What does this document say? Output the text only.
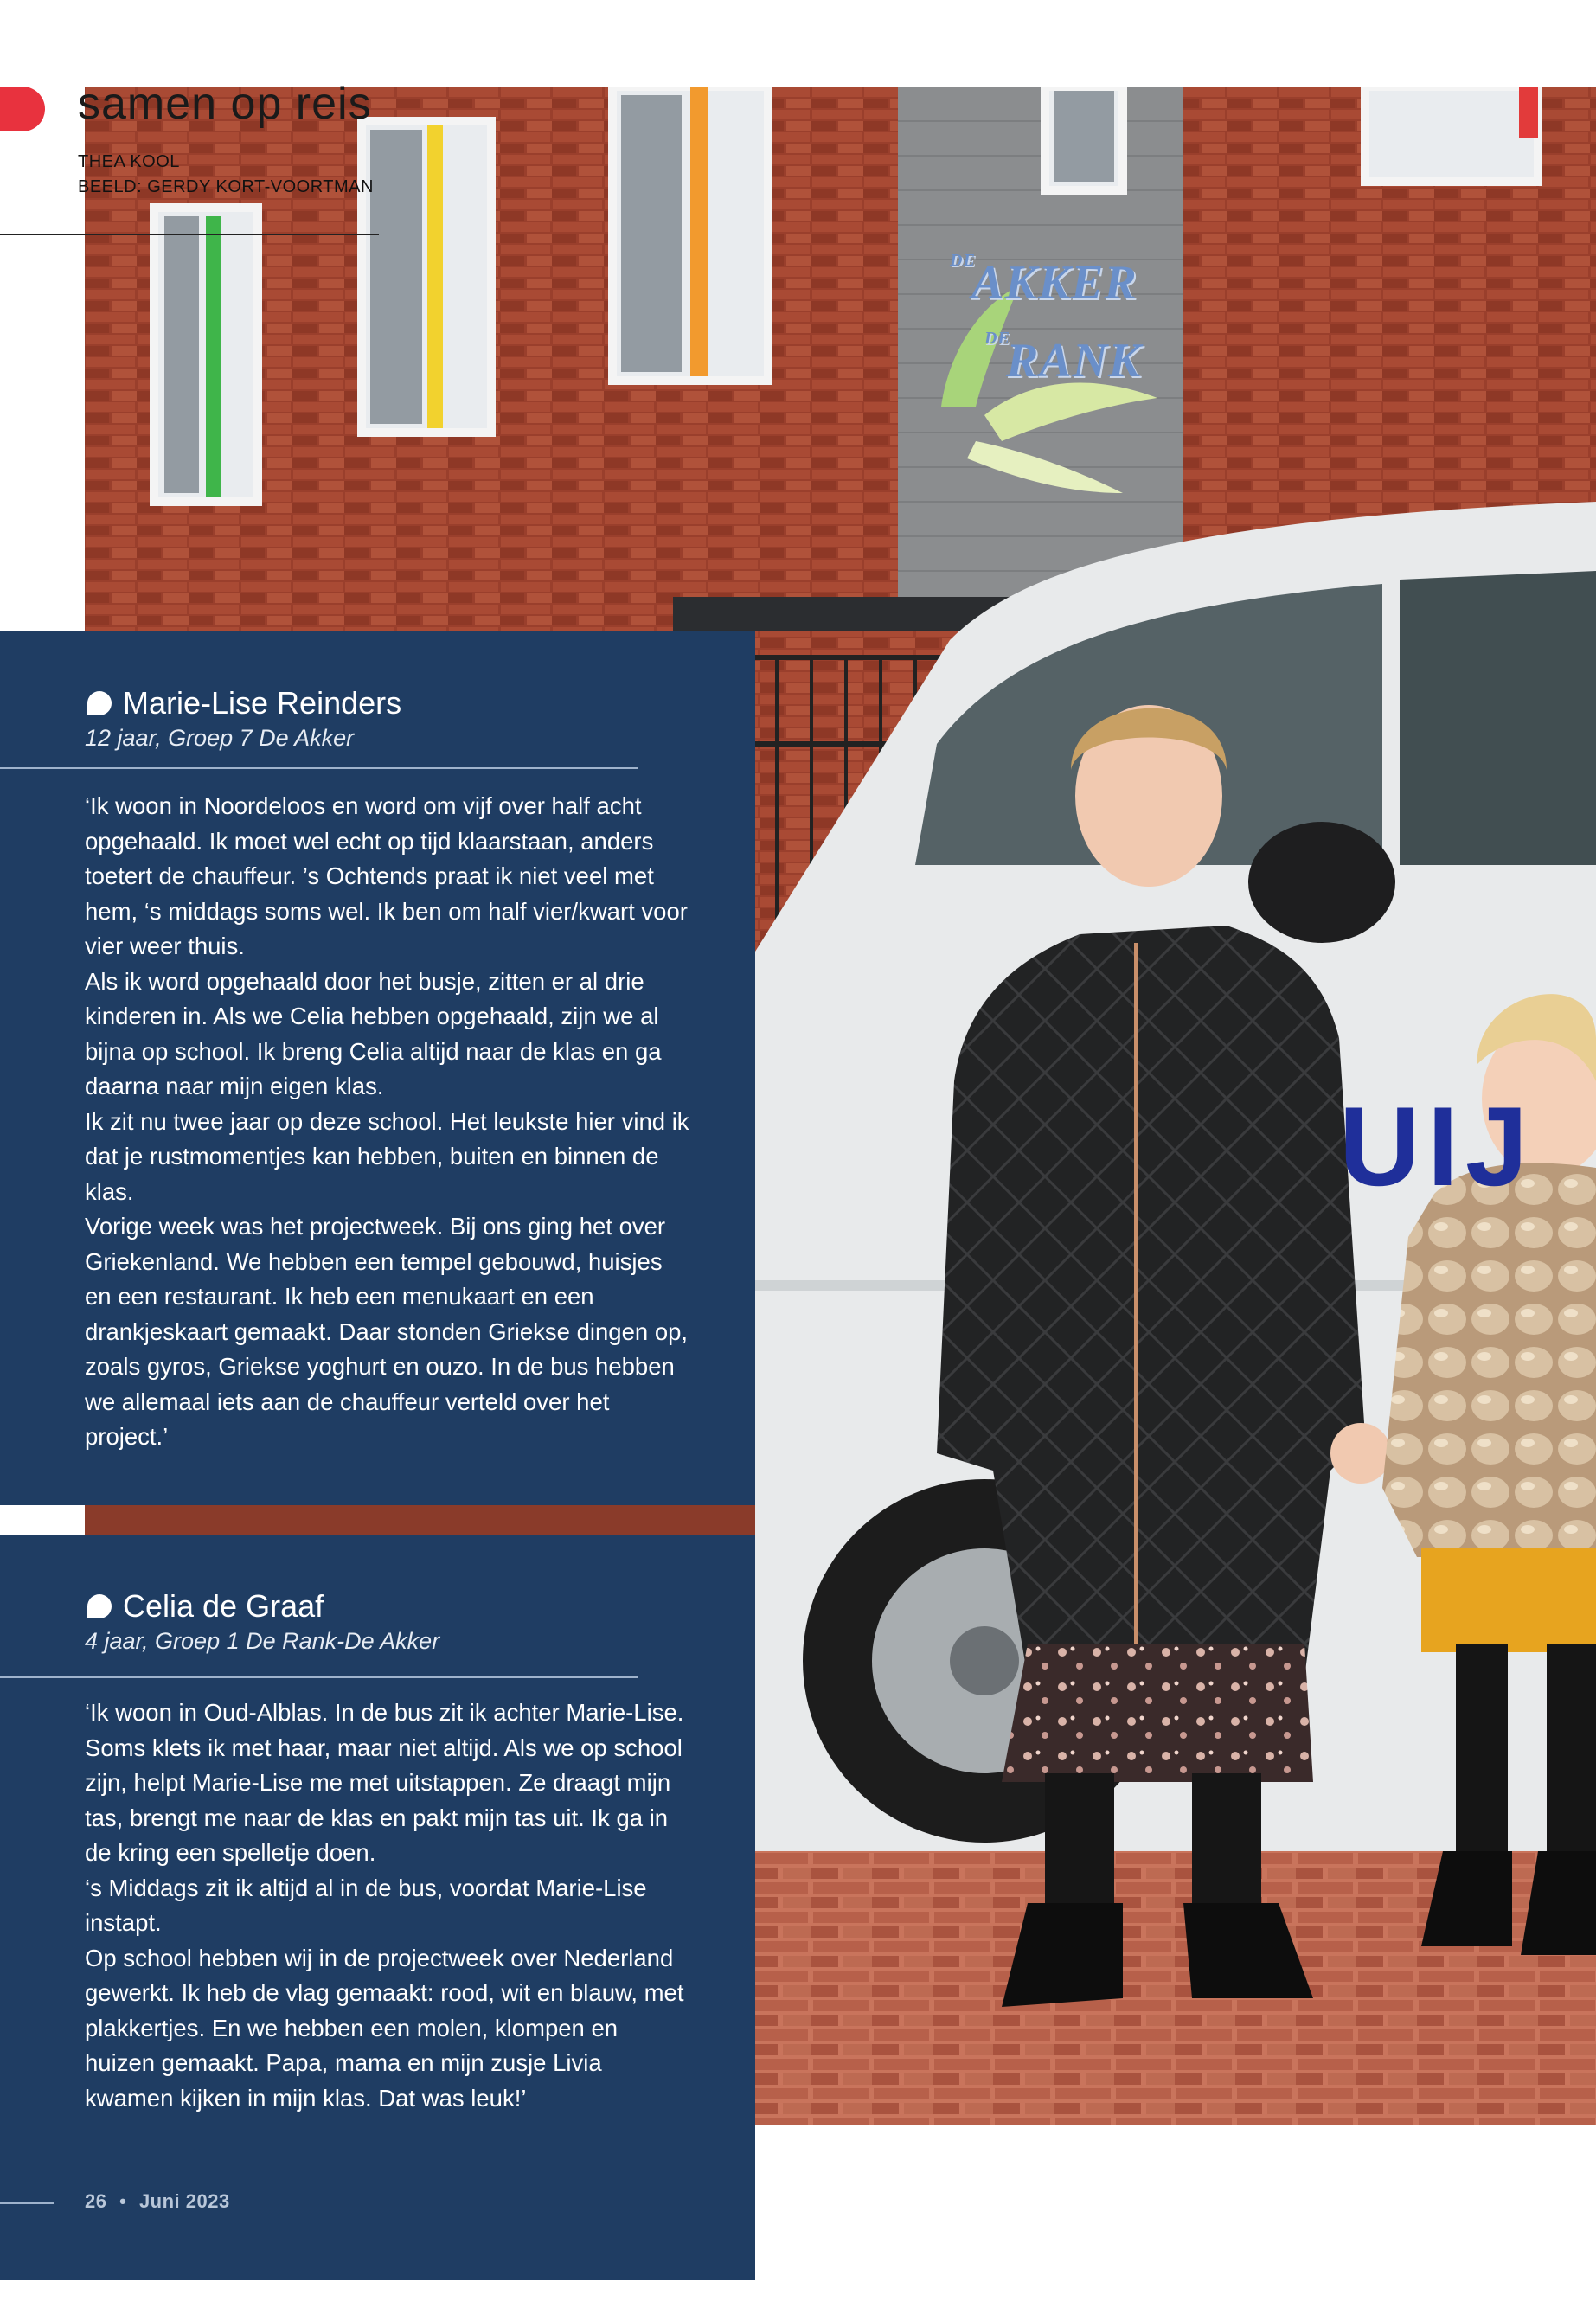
AKKER
DE
RANK
DE
UIJ
samen op reis
THEA KOOL
BEELD: GERDY KORT-VOORTMAN
Marie-Lise Reinders
12 jaar, Groep 7 De Akker

‘Ik woon in Noordeloos en word om vijf over half acht opgehaald. Ik moet wel echt op tijd klaarstaan, anders toetert de chauffeur. ’s Ochtends praat ik niet veel met hem, ‘s middags soms wel. Ik ben om half vier/kwart voor vier weer thuis.

Als ik word opgehaald door het busje, zitten er al drie kinderen in. Als we Celia hebben opgehaald, zijn we al bijna op school. Ik breng Celia altijd naar de klas en ga daarna naar mijn eigen klas.

Ik zit nu twee jaar op deze school. Het leukste hier vind ik dat je rustmomentjes kan hebben, buiten en binnen de klas.

Vorige week was het projectweek. Bij ons ging het over Griekenland. We hebben een tempel gebouwd, huisjes en een restaurant. Ik heb een menukaart en een drankjeskaart gemaakt. Daar stonden Griekse dingen op, zoals gyros, Griekse yoghurt en ouzo. In de bus hebben we allemaal iets aan de chauffeur verteld over het project.’

Celia de Graaf
4 jaar, Groep 1 De Rank-De Akker

‘Ik woon in Oud-Alblas. In de bus zit ik achter Marie-Lise. Soms klets ik met haar, maar niet altijd. Als we op school zijn, helpt Marie-Lise me met uitstappen. Ze draagt mijn tas, brengt me naar de klas en pakt mijn tas uit. Ik ga in de kring een spelletje doen.

‘s Middags zit ik altijd al in de bus, voordat Marie-Lise instapt.

Op school hebben wij in de projectweek over Nederland gewerkt. Ik heb de vlag gemaakt: rood, wit en blauw, met plakkertjes. En we hebben een molen, klompen en huizen gemaakt. Papa, mama en mijn zusje Livia kwamen kijken in mijn klas. Dat was leuk!’

26 • Juni 2023
